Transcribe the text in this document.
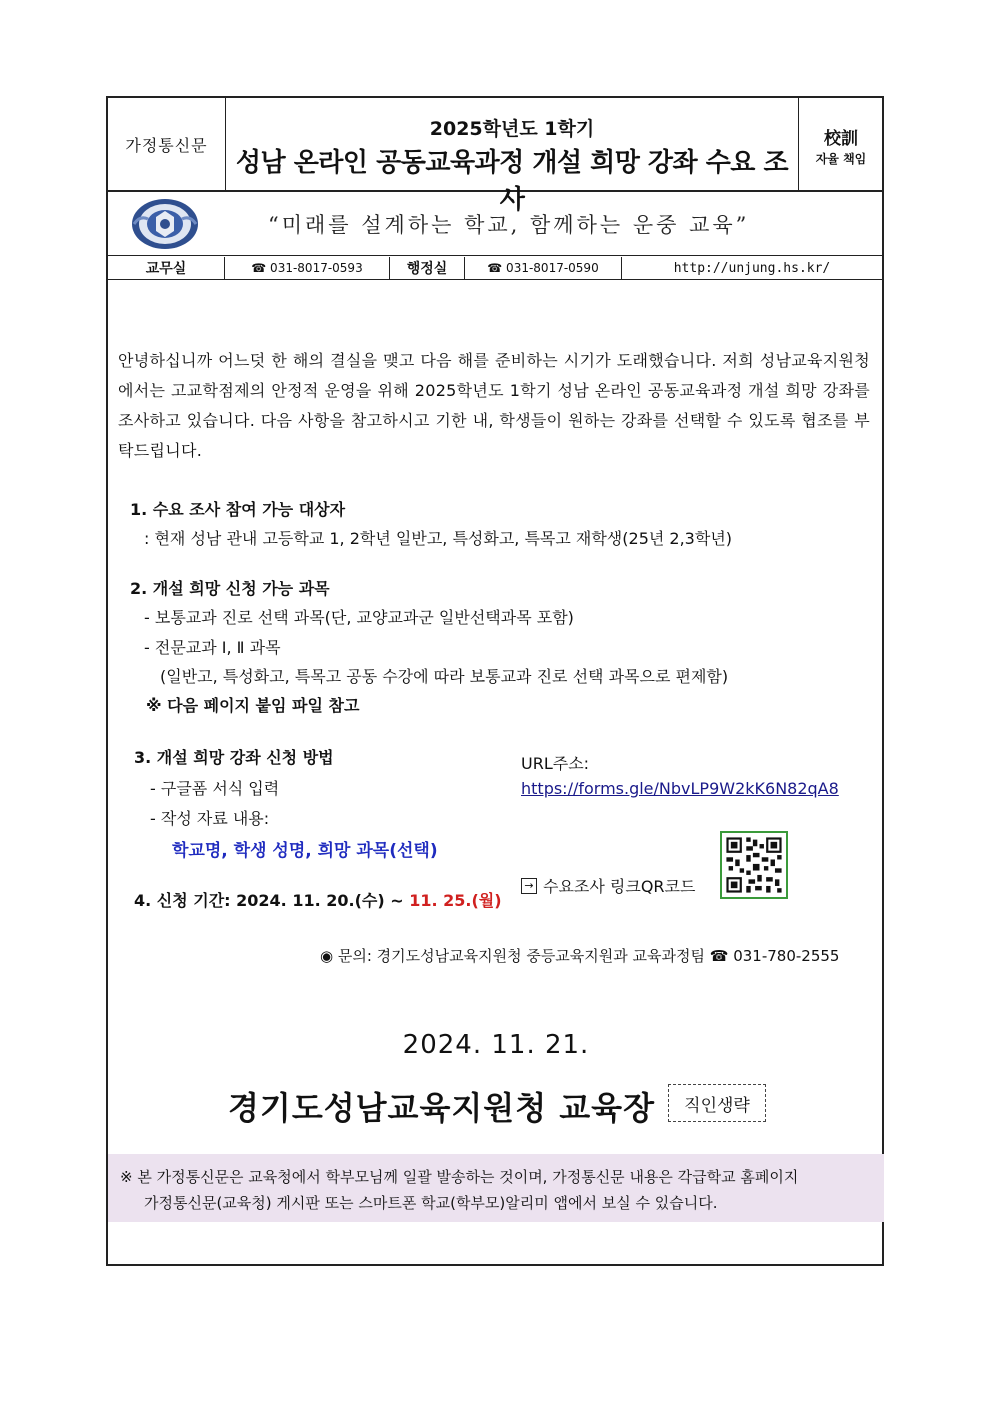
가정통신문
2025학년도 1학기
성남 온라인 공동교육과정 개설 희망 강좌 수요 조사
校訓
자율 책임
“미래를 설계하는 학교, 함께하는 운중 교육”
교무실	☎ 031-8017-0593	행정실	☎ 031-8017-0590	http://unjung.hs.kr/
안녕하십니까 어느덧 한 해의 결실을 맺고 다음 해를 준비하는 시기가 도래했습니다. 저희 성남교육지원청에서는 고교학점제의 안정적 운영을 위해 2025학년도 1학기 성남 온라인 공동교육과정 개설 희망 강좌를 조사하고 있습니다. 다음 사항을 참고하시고 기한 내, 학생들이 원하는 강좌를 선택할 수 있도록 협조를 부탁드립니다.
1. 수요 조사 참여 가능 대상자
: 현재 성남 관내 고등학교 1, 2학년 일반고, 특성화고, 특목고 재학생(25년 2,3학년)
2. 개설 희망 신청 가능 과목
- 보통교과 진로 선택 과목(단, 교양교과군 일반선택과목 포함)
- 전문교과 Ⅰ, Ⅱ 과목
(일반고, 특성화고, 특목고 공동 수강에 따라 보통교과 진로 선택 과목으로 편제함)
※ 다음 페이지 붙임 파일 참고
3. 개설 희망 강좌 신청 방법
- 구글폼 서식 입력
- 작성 자료 내용:
학교명, 학생 성명, 희망 과목(선택)
URL주소:
https://forms.gle/NbvLP9W2kK6N82qA8
→ 수요조사 링크QR코드
4. 신청 기간: 2024. 11. 20.(수) ~ 11. 25.(월)
◉ 문의: 경기도성남교육지원청 중등교육지원과 교육과정팀 ☎ 031-780-2555
2024. 11. 21.
경기도성남교육지원청 교육장	직인생략
※ 본 가정통신문은 교육청에서 학부모님께 일괄 발송하는 것이며, 가정통신문 내용은 각급학교 홈페이지
가정통신문(교육청) 게시판 또는 스마트폰 학교(학부모)알리미 앱에서 보실 수 있습니다.
